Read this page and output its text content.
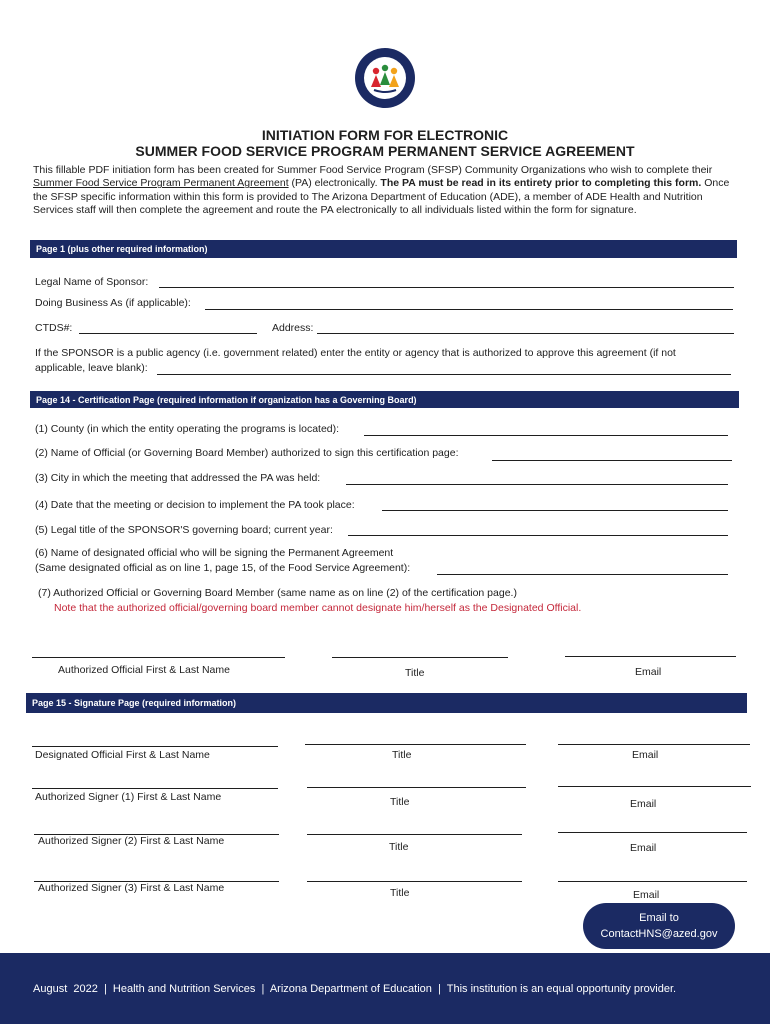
INITIATION FORM FOR ELECTRONIC
SUMMER FOOD SERVICE PROGRAM PERMANENT SERVICE AGREEMENT
This fillable PDF initiation form has been created for Summer Food Service Program (SFSP) Community Organizations who wish to complete their Summer Food Service Program Permanent Agreement (PA) electronically. The PA must be read in its entirety prior to completing this form. Once the SFSP specific information within this form is provided to The Arizona Department of Education (ADE), a member of ADE Health and Nutrition Services staff will then complete the agreement and route the PA electronically to all individuals listed within the form for signature.
Page 1 (plus other required information)
Legal Name of Sponsor:
Doing Business As (if applicable):
CTDS#:	Address:
If the SPONSOR is a public agency (i.e. government related) enter the entity or agency that is authorized to approve this agreement (if not
applicable, leave blank):
Page 14 - Certification Page (required information if organization has a Governing Board)
(1) County (in which the entity operating the programs is located):
(2) Name of Official (or Governing Board Member) authorized to sign this certification page:
(3) City in which the meeting that addressed the PA was held:
(4) Date that the meeting or decision to implement the PA took place:
(5) Legal title of the SPONSOR'S governing board; current year:
(6) Name of designated official who will be signing the Permanent Agreement
(Same designated official as on line 1, page 15, of the Food Service Agreement):
(7) Authorized Official or Governing Board Member (same name as on line (2) of the certification page.)
Note that the authorized official/governing board member cannot designate him/herself as the Designated Official.
Authorized Official First & Last Name	Title	Email
Page 15 - Signature Page (required information)
Designated Official First & Last Name	Title	Email
Authorized Signer (1) First & Last Name	Title	Email
Authorized Signer (2) First & Last Name	Title	Email
Authorized Signer (3) First & Last Name	Title	Email
Email to
ContactHNS@azed.gov
August  2022  |  Health and Nutrition Services  |  Arizona Department of Education  |  This institution is an equal opportunity provider.
